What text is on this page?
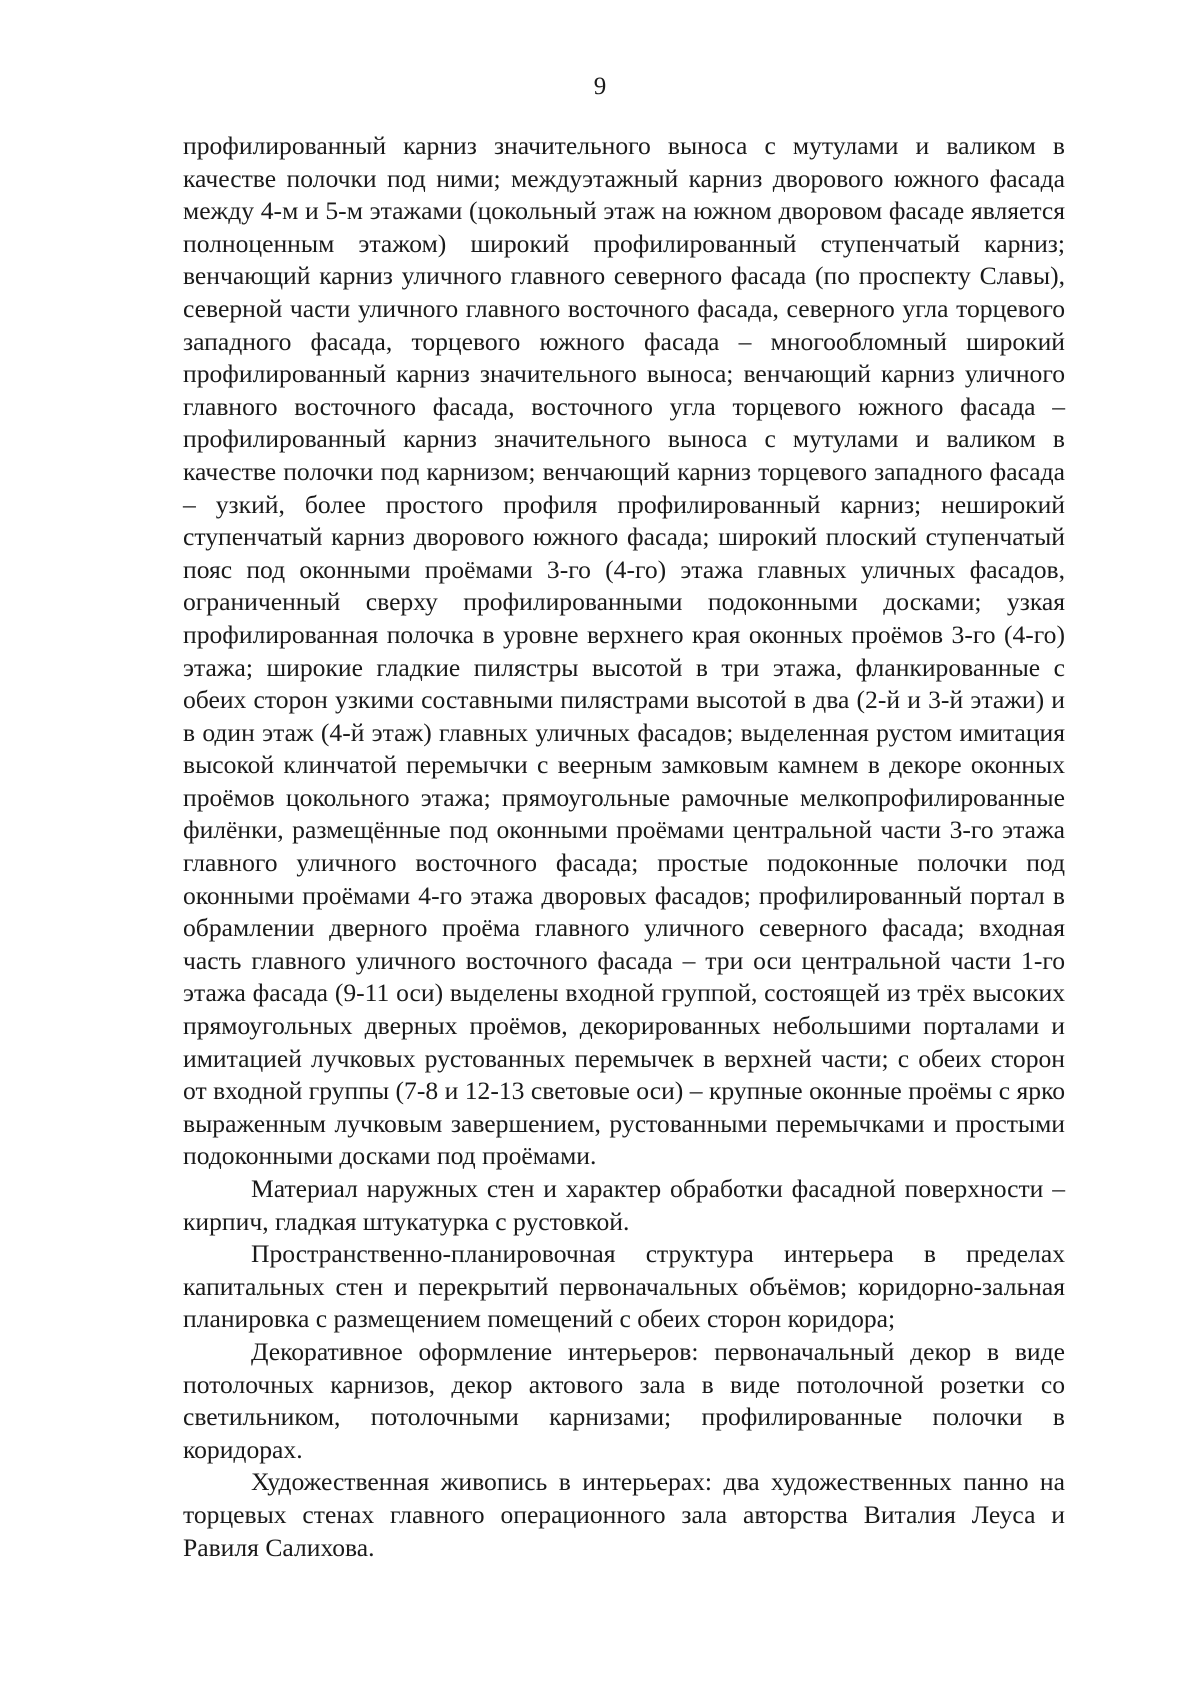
9

профилированный карниз значительного выноса с мутулами и валиком в качестве полочки под ними; междуэтажный карниз дворового южного фасада между 4-м и 5-м этажами (цокольный этаж на южном дворовом фасаде является полноценным этажом) широкий профилированный ступенчатый карниз; венчающий карниз уличного главного северного фасада (по проспекту Славы), северной части уличного главного восточного фасада, северного угла торцевого западного фасада, торцевого южного фасада – многообломный широкий профилированный карниз значительного выноса; венчающий карниз уличного главного восточного фасада, восточного угла торцевого южного фасада – профилированный карниз значительного выноса с мутулами и валиком в качестве полочки под карнизом; венчающий карниз торцевого западного фасада – узкий, более простого профиля профилированный карниз; неширокий ступенчатый карниз дворового южного фасада; широкий плоский ступенчатый пояс под оконными проёмами 3-го (4-го) этажа главных уличных фасадов, ограниченный сверху профилированными подоконными досками; узкая профилированная полочка в уровне верхнего края оконных проёмов 3-го (4-го) этажа; широкие гладкие пилястры высотой в три этажа, фланкированные с обеих сторон узкими составными пилястрами высотой в два (2-й и 3-й этажи) и в один этаж (4-й этаж) главных уличных фасадов; выделенная рустом имитация высокой клинчатой перемычки с веерным замковым камнем в декоре оконных проёмов цокольного этажа; прямоугольные рамочные мелкопрофилированные филёнки, размещённые под оконными проёмами центральной части 3-го этажа главного уличного восточного фасада; простые подоконные полочки под оконными проёмами 4-го этажа дворовых фасадов; профилированный портал в обрамлении дверного проёма главного уличного северного фасада; входная часть главного уличного восточного фасада – три оси центральной части 1-го этажа фасада (9-11 оси) выделены входной группой, состоящей из трёх высоких прямоугольных дверных проёмов, декорированных небольшими порталами и имитацией лучковых рустованных перемычек в верхней части; с обеих сторон от входной группы (7-8 и 12-13 световые оси) – крупные оконные проёмы с ярко выраженным лучковым завершением, рустованными перемычками и простыми подоконными досками под проёмами.

Материал наружных стен и характер обработки фасадной поверхности – кирпич, гладкая штукатурка с рустовкой.

Пространственно-планировочная структура интерьера в пределах капитальных стен и перекрытий первоначальных объёмов; коридорно-зальная планировка с размещением помещений с обеих сторон коридора;

Декоративное оформление интерьеров: первоначальный декор в виде потолочных карнизов, декор актового зала в виде потолочной розетки со светильником, потолочными карнизами; профилированные полочки в коридорах.

Художественная живопись в интерьерах: два художественных панно на торцевых стенах главного операционного зала авторства Виталия Леуса и Равиля Салихова.
